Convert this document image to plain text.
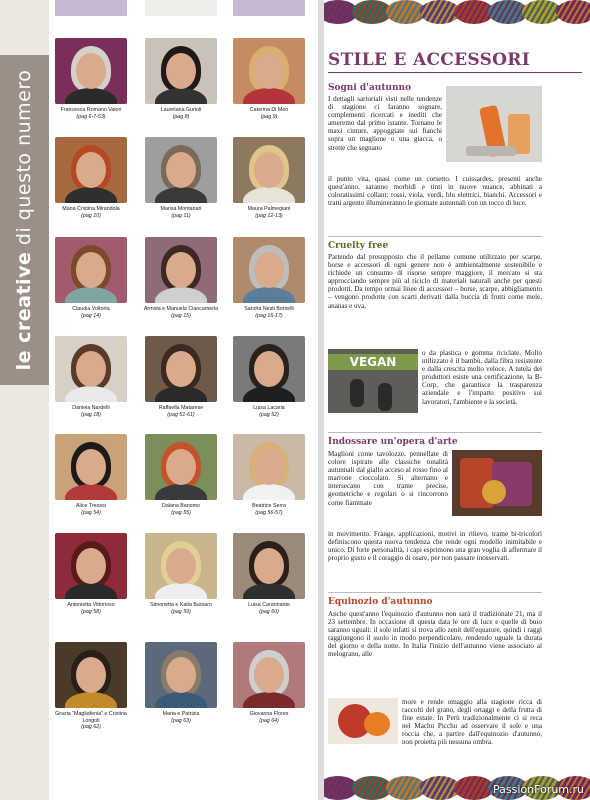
le creative di questo numero	Francesca Romano Valori
(pag 6-7-53)
Lauretana Gurioli
(pag 8)
Caterina Di Meo
(pag 9)
Maria Cristina Mirandola
(pag 10)
Marisa Montanari
(pag 11)
Maura Palmegiani
(pag 12-13)
Claudia Voltorta
(pag 14)
Armida e Manuela Ciancamerla
(pag 15)
Sandra Nesti Borselli
(pag 16-17)
Daniela Nardelli
(pag 18)
Raffaella Matarese
(pag 51-61)
Luisa Lacaria
(pag 52)
Alice Treossi
(pag 54)
Dalana Banomo
(pag 55)
Beatrice Serra
(pag 56-57)
Antonietta Vittorioso
(pag 58)
Simonetta e Katia Barsaro
(pag 59)
Luisa Carannante
(pag 60)
Grazia "Magliafenia" e Cristina Longoli
(pag 62)
Maria e Patrizia
(pag 63)
Giovanna Flores
(pag 64)
STILE E ACCESSORI
Sogni d'autunno

I dettagli sartoriali visti nelle tendenze di stagione ci faranno sognare, complementi ricercati e inediti che ameremo dal primo istante. Tornano le maxi cinture, appoggiate sui fianchi sopra un maglione o una giacca, o strette che segnano

il punto vita, quasi come un corsetto. I cuissardes, presenti anche quest'anno, saranno morbidi e tinti in nuove nuance, abbinati a coloratissimi collant: rossi, viola, verdi, blu elettrici, bianchi. Accessori e tratti argento illumineranno le giornate autunnali con un tocco di luce.

Cruelty free

Partendo dal presupposto che il pellame comune utilizzato per scarpe, borse e accessori di ogni genere non è ambientalmente sostenibile e richiede un consumo di risorse sempre maggiore, il mercato si sta approcciando sempre più al riciclo di materiali naturali anche per questi prodotti. Da tempo ormai linee di accessori – borse, scarpe, abbigliamento – vengono prodotte con scarti derivati dalla buccia di frutti come mele, ananas e uva,

VEGAN

o da plastica e gomma riciclate. Molto utilizzato è il bambù, dalla fibra resistente e dalla crescita molto veloce. A tutela dei produttori esiste una certificazione, la B-Corp, che garantisce la trasparenza aziendale e l'impatto positivo sui lavoratori, l'ambiente e la società.

Indossare un'opera d'arte

Maglioni come tavolozze, pennellate di colore ispirate alle classiche tonalità autunnali dal giallo acceso al rosso fino al marrone cioccolato. Si alternano e intersecano con trame precise, geometriche e regolari o si rincorrono come fiammate

in movimento. Frange, applicazioni, motivi in rilievo, trame bi-tricolori definiscono questa nuova tendenza che rende ogni modello inimitabile e unico. Di forte personalità, i capi esprimono una gran voglia di affermare il proprio gusto e il coraggio di osare, per non passare inosservati.

Equinozio d'autunno

Anche quest'anno l'equinozio d'autunno non sarà il tradizionale 21, ma il 23 settembre. In occasione di questa data le ore di luce e quelle di buio saranno uguali: il sole infatti si trova allo zenit dell'equatore, quindi i raggi raggiungono il suolo in modo perpendicolare, rendendo uguale la durata del giorno e della notte. In Italia l'inizio dell'autunno viene associato al melograno, alle

more e rende omaggio alla stagione ricca di raccolti del grano, degli ortaggi e della frutta di fine estate. In Perù tradizionalmente ci si reca nel Machu Picchu ad osservare il sole e una roccia che, a partire dall'equinozio d'autunno, non proietta più nessuna ombra.

PassionForum.ru
